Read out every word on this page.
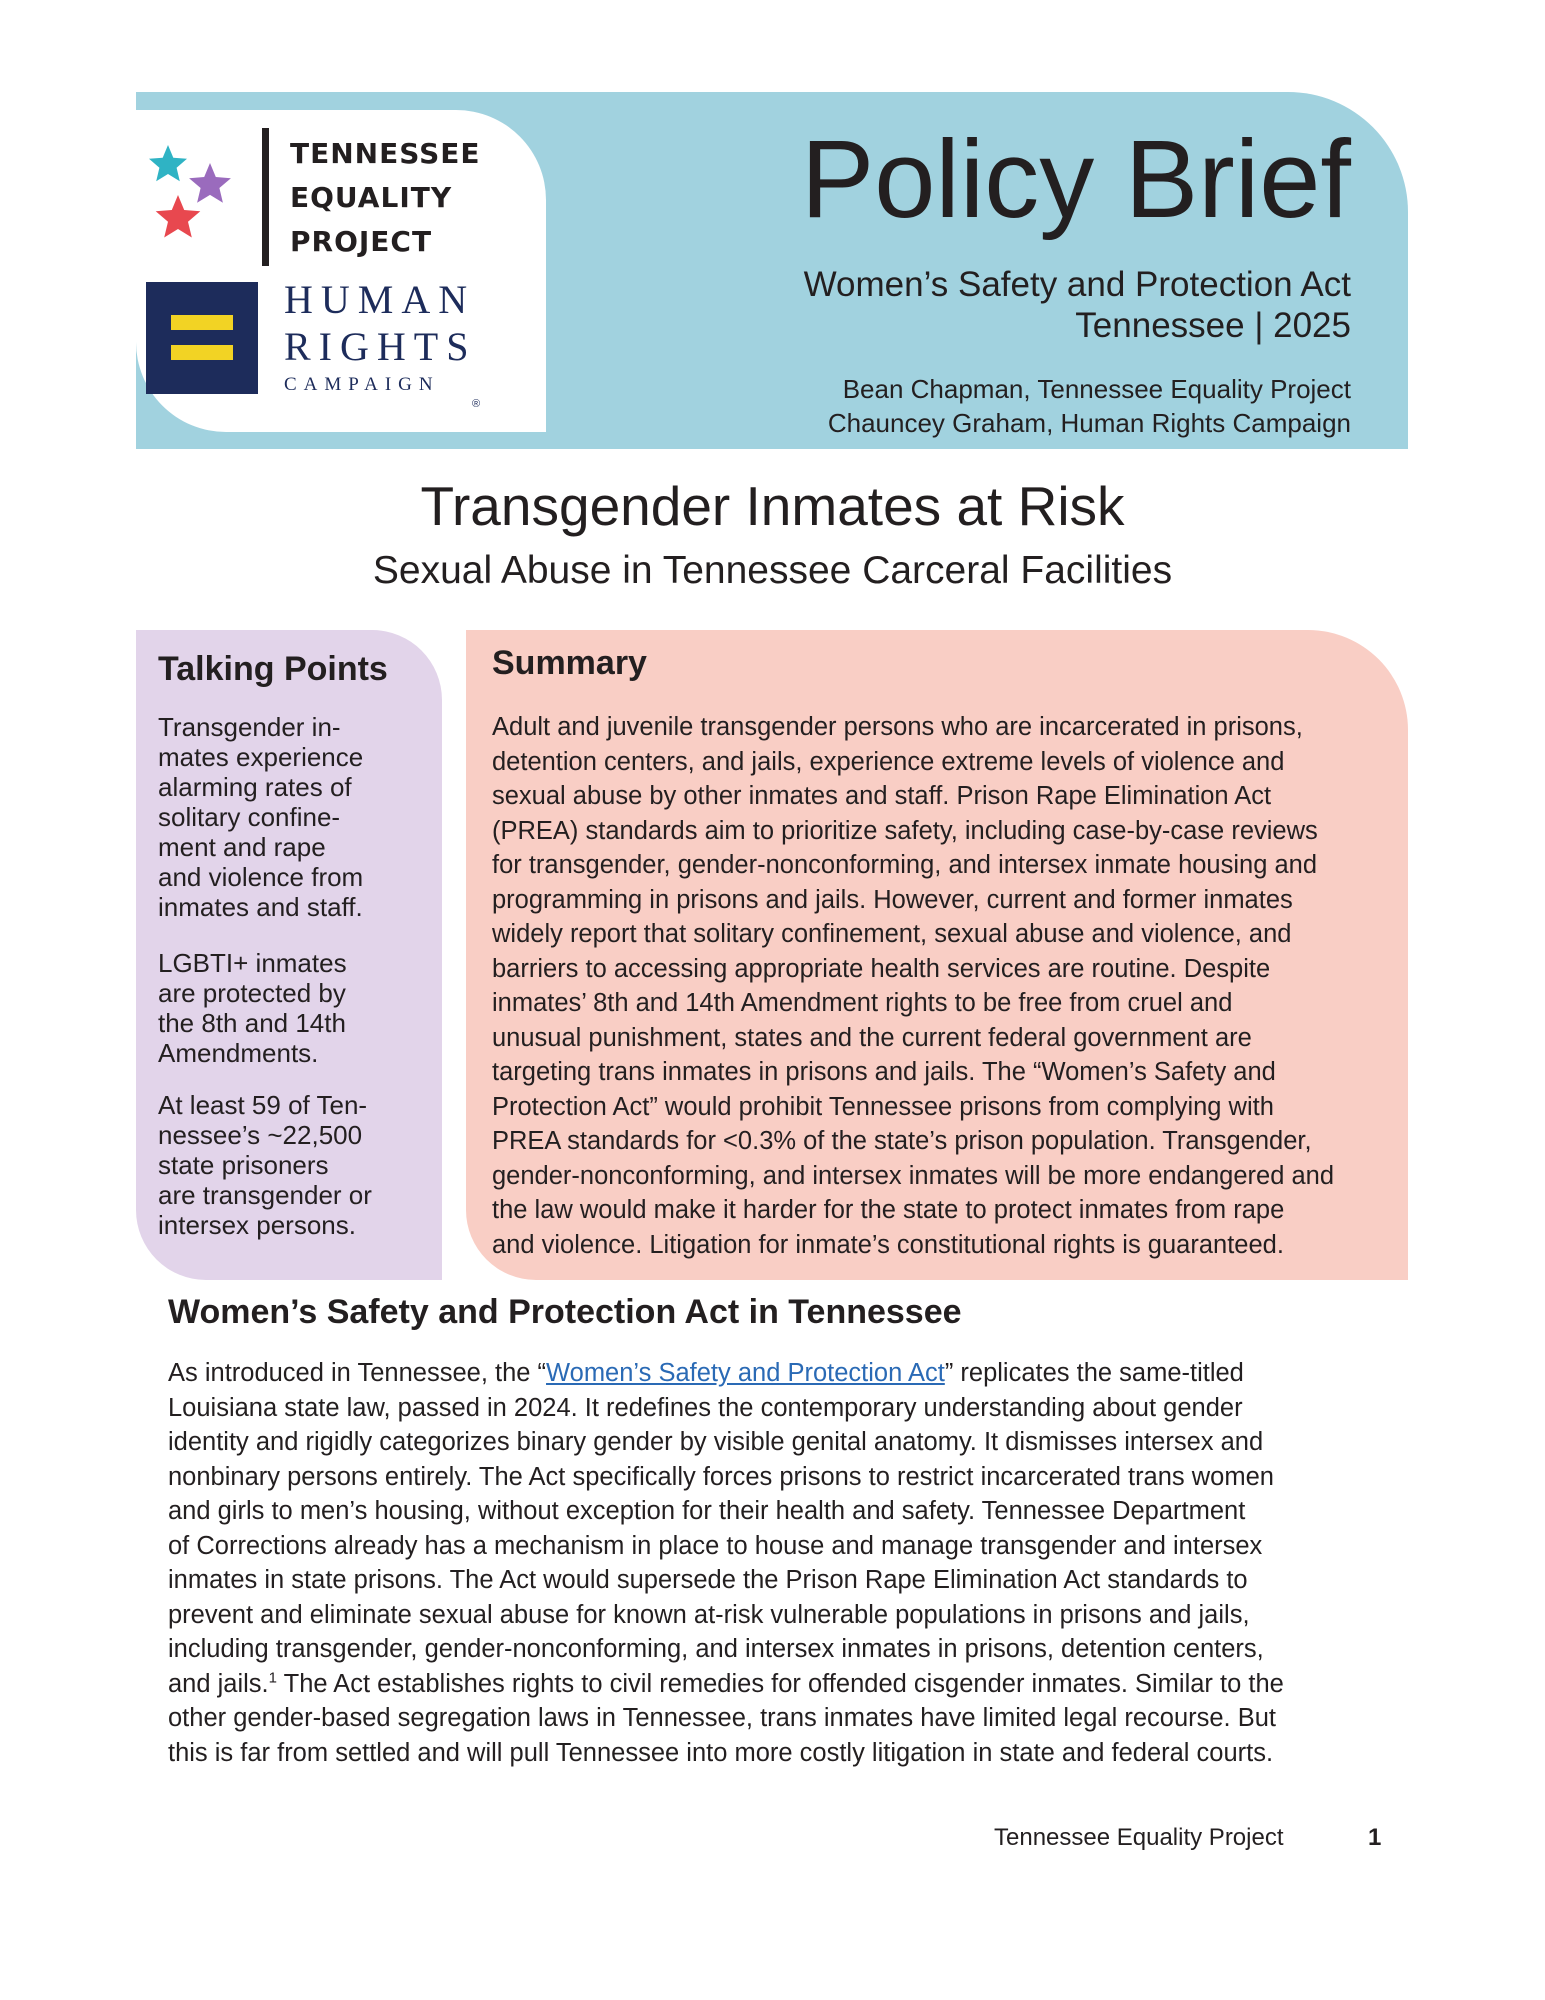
TENNESSEE
EQUALITY
PROJECT
HUMAN
RIGHTS
CAMPAIGN
®
Policy Brief
Women’s Safety and Protection Act
Tennessee | 2025
Bean Chapman, Tennessee Equality Project
Chauncey Graham, Human Rights Campaign
Transgender Inmates at Risk
Sexual Abuse in Tennessee Carceral Facilities
Talking Points
Transgender in-
mates experience
alarming rates of
solitary confine-
ment and rape
and violence from
inmates and staff.
LGBTI+ inmates
are protected by
the 8th and 14th
Amendments.
At least 59 of Ten-
nessee’s ~22,500
state prisoners
are transgender or
intersex persons.
Summary
Adult and juvenile transgender persons who are incarcerated in prisons,
detention centers, and jails, experience extreme levels of violence and
sexual abuse by other inmates and staff. Prison Rape Elimination Act
(PREA) standards aim to prioritize safety, including case-by-case reviews
for transgender, gender-nonconforming, and intersex inmate housing and
programming in prisons and jails. However, current and former inmates
widely report that solitary confinement, sexual abuse and violence, and
barriers to accessing appropriate health services are routine. Despite
inmates’ 8th and 14th Amendment rights to be free from cruel and
unusual punishment, states and the current federal government are
targeting trans inmates in prisons and jails. The “Women’s Safety and
Protection Act” would prohibit Tennessee prisons from complying with
PREA standards for <0.3% of the state’s prison population. Transgender,
gender-nonconforming, and intersex inmates will be more endangered and
the law would make it harder for the state to protect inmates from rape
and violence. Litigation for inmate’s constitutional rights is guaranteed.
Women’s Safety and Protection Act in Tennessee
As introduced in Tennessee, the “Women’s Safety and Protection Act” replicates the same-titled
Louisiana state law, passed in 2024. It redefines the contemporary understanding about gender
identity and rigidly categorizes binary gender by visible genital anatomy. It dismisses intersex and
nonbinary persons entirely. The Act specifically forces prisons to restrict incarcerated trans women
and girls to men’s housing, without exception for their health and safety. Tennessee Department
of Corrections already has a mechanism in place to house and manage transgender and intersex
inmates in state prisons. The Act would supersede the Prison Rape Elimination Act standards to
prevent and eliminate sexual abuse for known at-risk vulnerable populations in prisons and jails,
including transgender, gender-nonconforming, and intersex inmates in prisons, detention centers,
and jails.$^1$ The Act establishes rights to civil remedies for offended cisgender inmates. Similar to the
other gender-based segregation laws in Tennessee, trans inmates have limited legal recourse. But
this is far from settled and will pull Tennessee into more costly litigation in state and federal courts.
Tennessee Equality Project	1
